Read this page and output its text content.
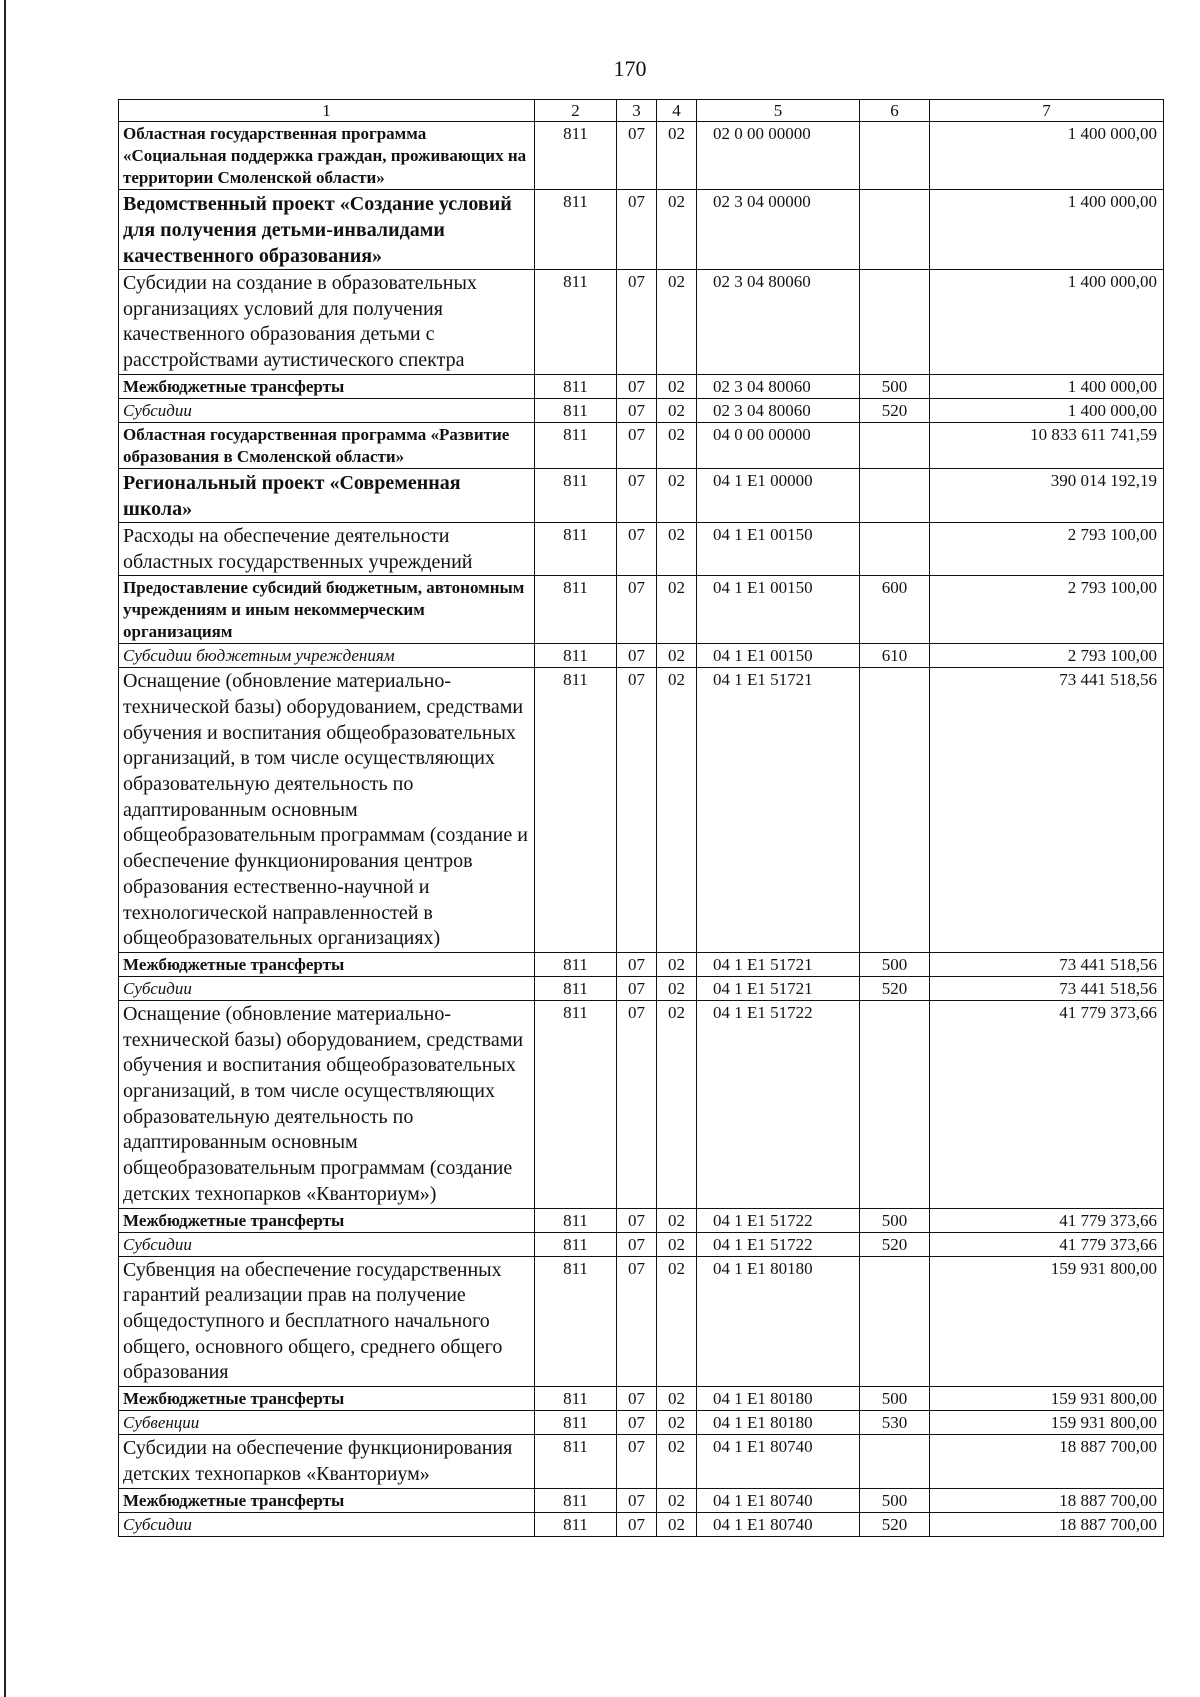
170
1	2	3	4	5	6	7
Областная государственная программа «Социальная поддержка граждан, проживающих на территории Смоленской области»	811	07	02	02 0 00 00000		1 400 000,00
Ведомственный проект «Создание условий для получения детьми-инвалидами качественного образования»	811	07	02	02 3 04 00000		1 400 000,00
Субсидии на создание в образовательных организациях условий для получения качественного образования детьми с расстройствами аутистического спектра	811	07	02	02 3 04 80060		1 400 000,00
Межбюджетные трансферты	811	07	02	02 3 04 80060	500	1 400 000,00
Субсидии	811	07	02	02 3 04 80060	520	1 400 000,00
Областная государственная программа «Развитие образования в Смоленской области»	811	07	02	04 0 00 00000		10 833 611 741,59
Региональный проект «Современная школа»	811	07	02	04 1 E1 00000		390 014 192,19
Расходы на обеспечение деятельности областных государственных учреждений	811	07	02	04 1 E1 00150		2 793 100,00
Предоставление субсидий бюджетным, автономным учреждениям и иным некоммерческим организациям	811	07	02	04 1 E1 00150	600	2 793 100,00
Субсидии бюджетным учреждениям	811	07	02	04 1 E1 00150	610	2 793 100,00
Оснащение (обновление материально-технической базы) оборудованием, средствами обучения и воспитания общеобразовательных организаций, в том числе осуществляющих образовательную деятельность по адаптированным основным общеобразовательным программам (создание и обеспечение функционирования центров образования естественно-научной и технологической направленностей в общеобразовательных организациях)	811	07	02	04 1 E1 51721		73 441 518,56
Межбюджетные трансферты	811	07	02	04 1 E1 51721	500	73 441 518,56
Субсидии	811	07	02	04 1 E1 51721	520	73 441 518,56
Оснащение (обновление материально-технической базы) оборудованием, средствами обучения и воспитания общеобразовательных организаций, в том числе осуществляющих образовательную деятельность по адаптированным основным общеобразовательным программам (создание детских технопарков «Кванториум»)	811	07	02	04 1 E1 51722		41 779 373,66
Межбюджетные трансферты	811	07	02	04 1 E1 51722	500	41 779 373,66
Субсидии	811	07	02	04 1 E1 51722	520	41 779 373,66
Субвенция на обеспечение государственных гарантий реализации прав на получение общедоступного и бесплатного начального общего, основного общего, среднего общего образования	811	07	02	04 1 E1 80180		159 931 800,00
Межбюджетные трансферты	811	07	02	04 1 E1 80180	500	159 931 800,00
Субвенции	811	07	02	04 1 E1 80180	530	159 931 800,00
Субсидии на обеспечение функционирования детских технопарков «Кванториум»	811	07	02	04 1 E1 80740		18 887 700,00
Межбюджетные трансферты	811	07	02	04 1 E1 80740	500	18 887 700,00
Субсидии	811	07	02	04 1 E1 80740	520	18 887 700,00
